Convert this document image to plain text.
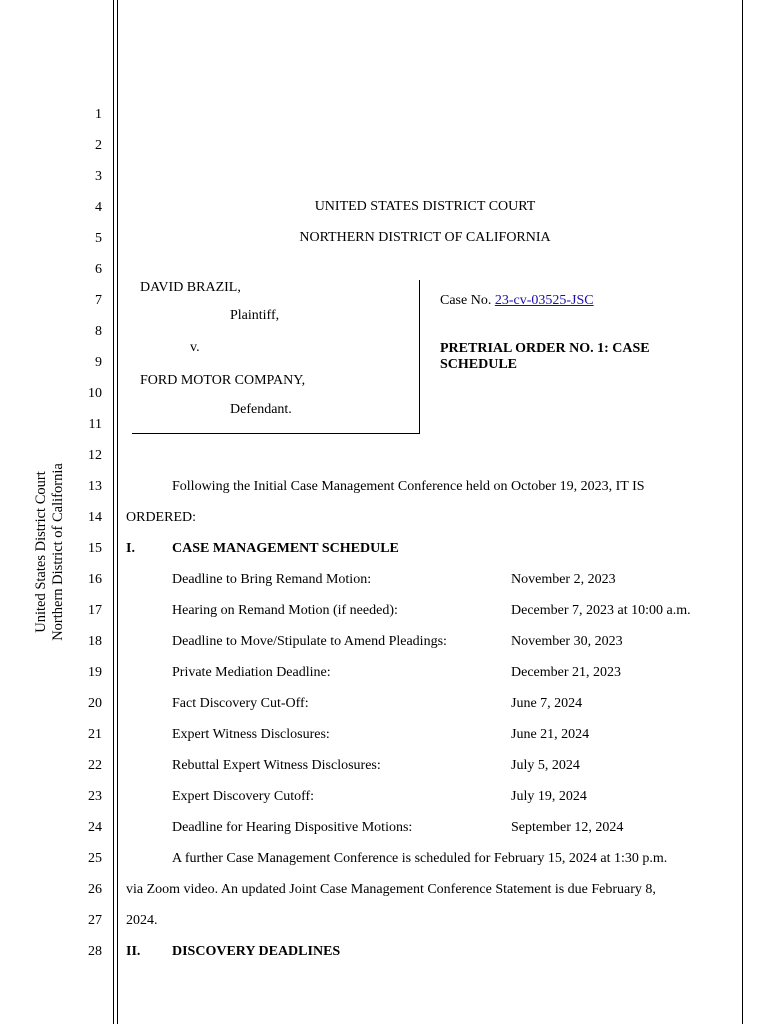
United States District Court Northern District of California
1
2
3
4
5
6
7
8
9
10
11
12
13
14
15
16
17
18
19
20
21
22
23
24
25
26
27
28
UNITED STATES DISTRICT COURT
NORTHERN DISTRICT OF CALIFORNIA
DAVID BRAZIL,
Plaintiff,
v.
FORD MOTOR COMPANY,
Defendant.
Case No. 23-cv-03525-JSC
PRETRIAL ORDER NO. 1: CASE
SCHEDULE
Following the Initial Case Management Conference held on October 19, 2023, IT IS
ORDERED:
I.	CASE MANAGEMENT SCHEDULE
Deadline to Bring Remand Motion:	November 2, 2023
Hearing on Remand Motion (if needed):	December 7, 2023 at 10:00 a.m.
Deadline to Move/Stipulate to Amend Pleadings:	November 30, 2023
Private Mediation Deadline:	December 21, 2023
Fact Discovery Cut-Off:	June 7, 2024
Expert Witness Disclosures:	June 21, 2024
Rebuttal Expert Witness Disclosures:	July 5, 2024
Expert Discovery Cutoff:	July 19, 2024
Deadline for Hearing Dispositive Motions:	September 12, 2024
A further Case Management Conference is scheduled for February 15, 2024 at 1:30 p.m.
via Zoom video. An updated Joint Case Management Conference Statement is due February 8,
2024.
II. DISCOVERY DEADLINES
